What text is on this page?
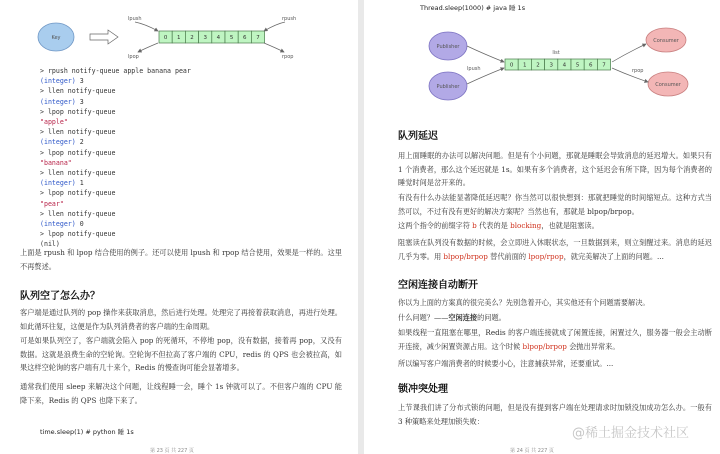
Key	0 1 2 3 4 5 6 7
lpush	rpush
lpop	rpop
> rpush notify-queue apple banana pear
(integer) 3
> llen notify-queue
(integer) 3
> lpop notify-queue
"apple"
> llen notify-queue
(integer) 2
> lpop notify-queue
"banana"
> llen notify-queue
(integer) 1
> lpop notify-queue
"pear"
> llen notify-queue
(integer) 0
> lpop notify-queue
(nil)
上面是 rpush 和 lpop 结合使用的例子。还可以使用 lpush 和 rpop 结合使用，效果是一样的。这里不再赘述。
队列空了怎么办？
客户端是通过队列的 pop 操作来获取消息，然后进行处理。处理完了再接着获取消息，再进行处理。如此循环往复，这便是作为队列消费者的客户端的生命周期。
可是如果队列空了，客户端就会陷入 pop 的死循环，不停地 pop，没有数据，接着再 pop，又没有数据。这就是浪费生命的空轮询。空轮询不但拉高了客户端的 CPU，redis 的 QPS 也会被拉高，如果这样空轮询的客户端有几十来个，Redis 的慢查询可能会显著增多。
通常我们使用 sleep 来解决这个问题，让线程睡一会，睡个 1s 钟就可以了。不但客户端的 CPU 能降下来，Redis 的 QPS 也降下来了。
time.sleep(1) # python 睡 1s
第 23 页 共 227 页
Thread.sleep(1000) # java 睡 1s
Publisher
Publisher
Consumer
Consumer
0 1 2 3 4 5 6 7
list
lpush	rpop
队列延迟
用上面睡眠的办法可以解决问题。但是有个小问题，那就是睡眠会导致消息的延迟增大。如果只有 1 个消费者，那么这个延迟就是 1s。如果有多个消费者，这个延迟会有所下降，因为每个消费者的睡觉时间是岔开来的。
有没有什么办法能显著降低延迟呢？你当然可以很快想到：那就把睡觉的时间缩短点。这种方式当然可以，不过有没有更好的解决方案呢？当然也有，那就是 blpop/brpop。
这两个指令的前缀字符 b 代表的是 blocking，也就是阻塞读。
阻塞读在队列没有数据的时候，会立即进入休眠状态，一旦数据到来，则立刻醒过来。消息的延迟几乎为零。用 blpop/brpop 替代前面的 lpop/rpop，就完美解决了上面的问题。...
空闲连接自动断开
你以为上面的方案真的很完美么？先别急着开心，其实他还有个问题需要解决。
什么问题？——空闲连接的问题。
如果线程一直阻塞在哪里，Redis 的客户端连接就成了闲置连接，闲置过久，服务器一般会主动断开连接，减少闲置资源占用。这个时候 blpop/brpop 会抛出异常来。
所以编写客户端消费者的时候要小心，注意捕获异常，还要重试。...
锁冲突处理
上节课我们讲了分布式锁的问题，但是没有提到客户端在处理请求时加锁没加成功怎么办。一般有 3 种策略来处理加锁失败：
第 24 页 共 227 页
@稀土掘金技术社区
